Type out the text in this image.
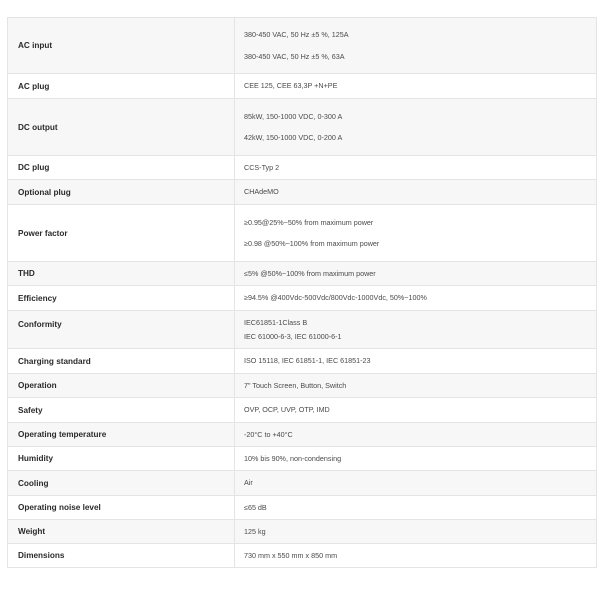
AC input	380-450 VAC, 50 Hz ±5 %, 125A
380-450 VAC, 50 Hz ±5 %, 63A

AC plug	CEE 125, CEE 63,3P +N+PE

DC output	85kW, 150-1000 VDC, 0-300 A
42kW, 150-1000 VDC, 0-200 A

DC plug	CCS-Typ 2

Optional plug	CHAdeMO

Power factor	≥0.95@25%~50% from maximum power
≥0.98 @50%~100% from maximum power

THD	≤5% @50%~100% from maximum power

Efficiency	≥94.5% @400Vdc-500Vdc/800Vdc-1000Vdc, 50%~100%

Conformity	IEC61851-1Class B
IEC 61000-6-3, IEC 61000-6-1

Charging standard	ISO 15118, IEC 61851-1, IEC 61851-23

Operation	7" Touch Screen, Button, Switch

Safety	OVP, OCP, UVP, OTP, IMD

Operating temperature	-20°C to +40°C

Humidity	10% bis 90%, non-condensing

Cooling	Air

Operating noise level	≤65 dB

Weight	125 kg

Dimensions	730 mm x 550 mm x 850 mm
